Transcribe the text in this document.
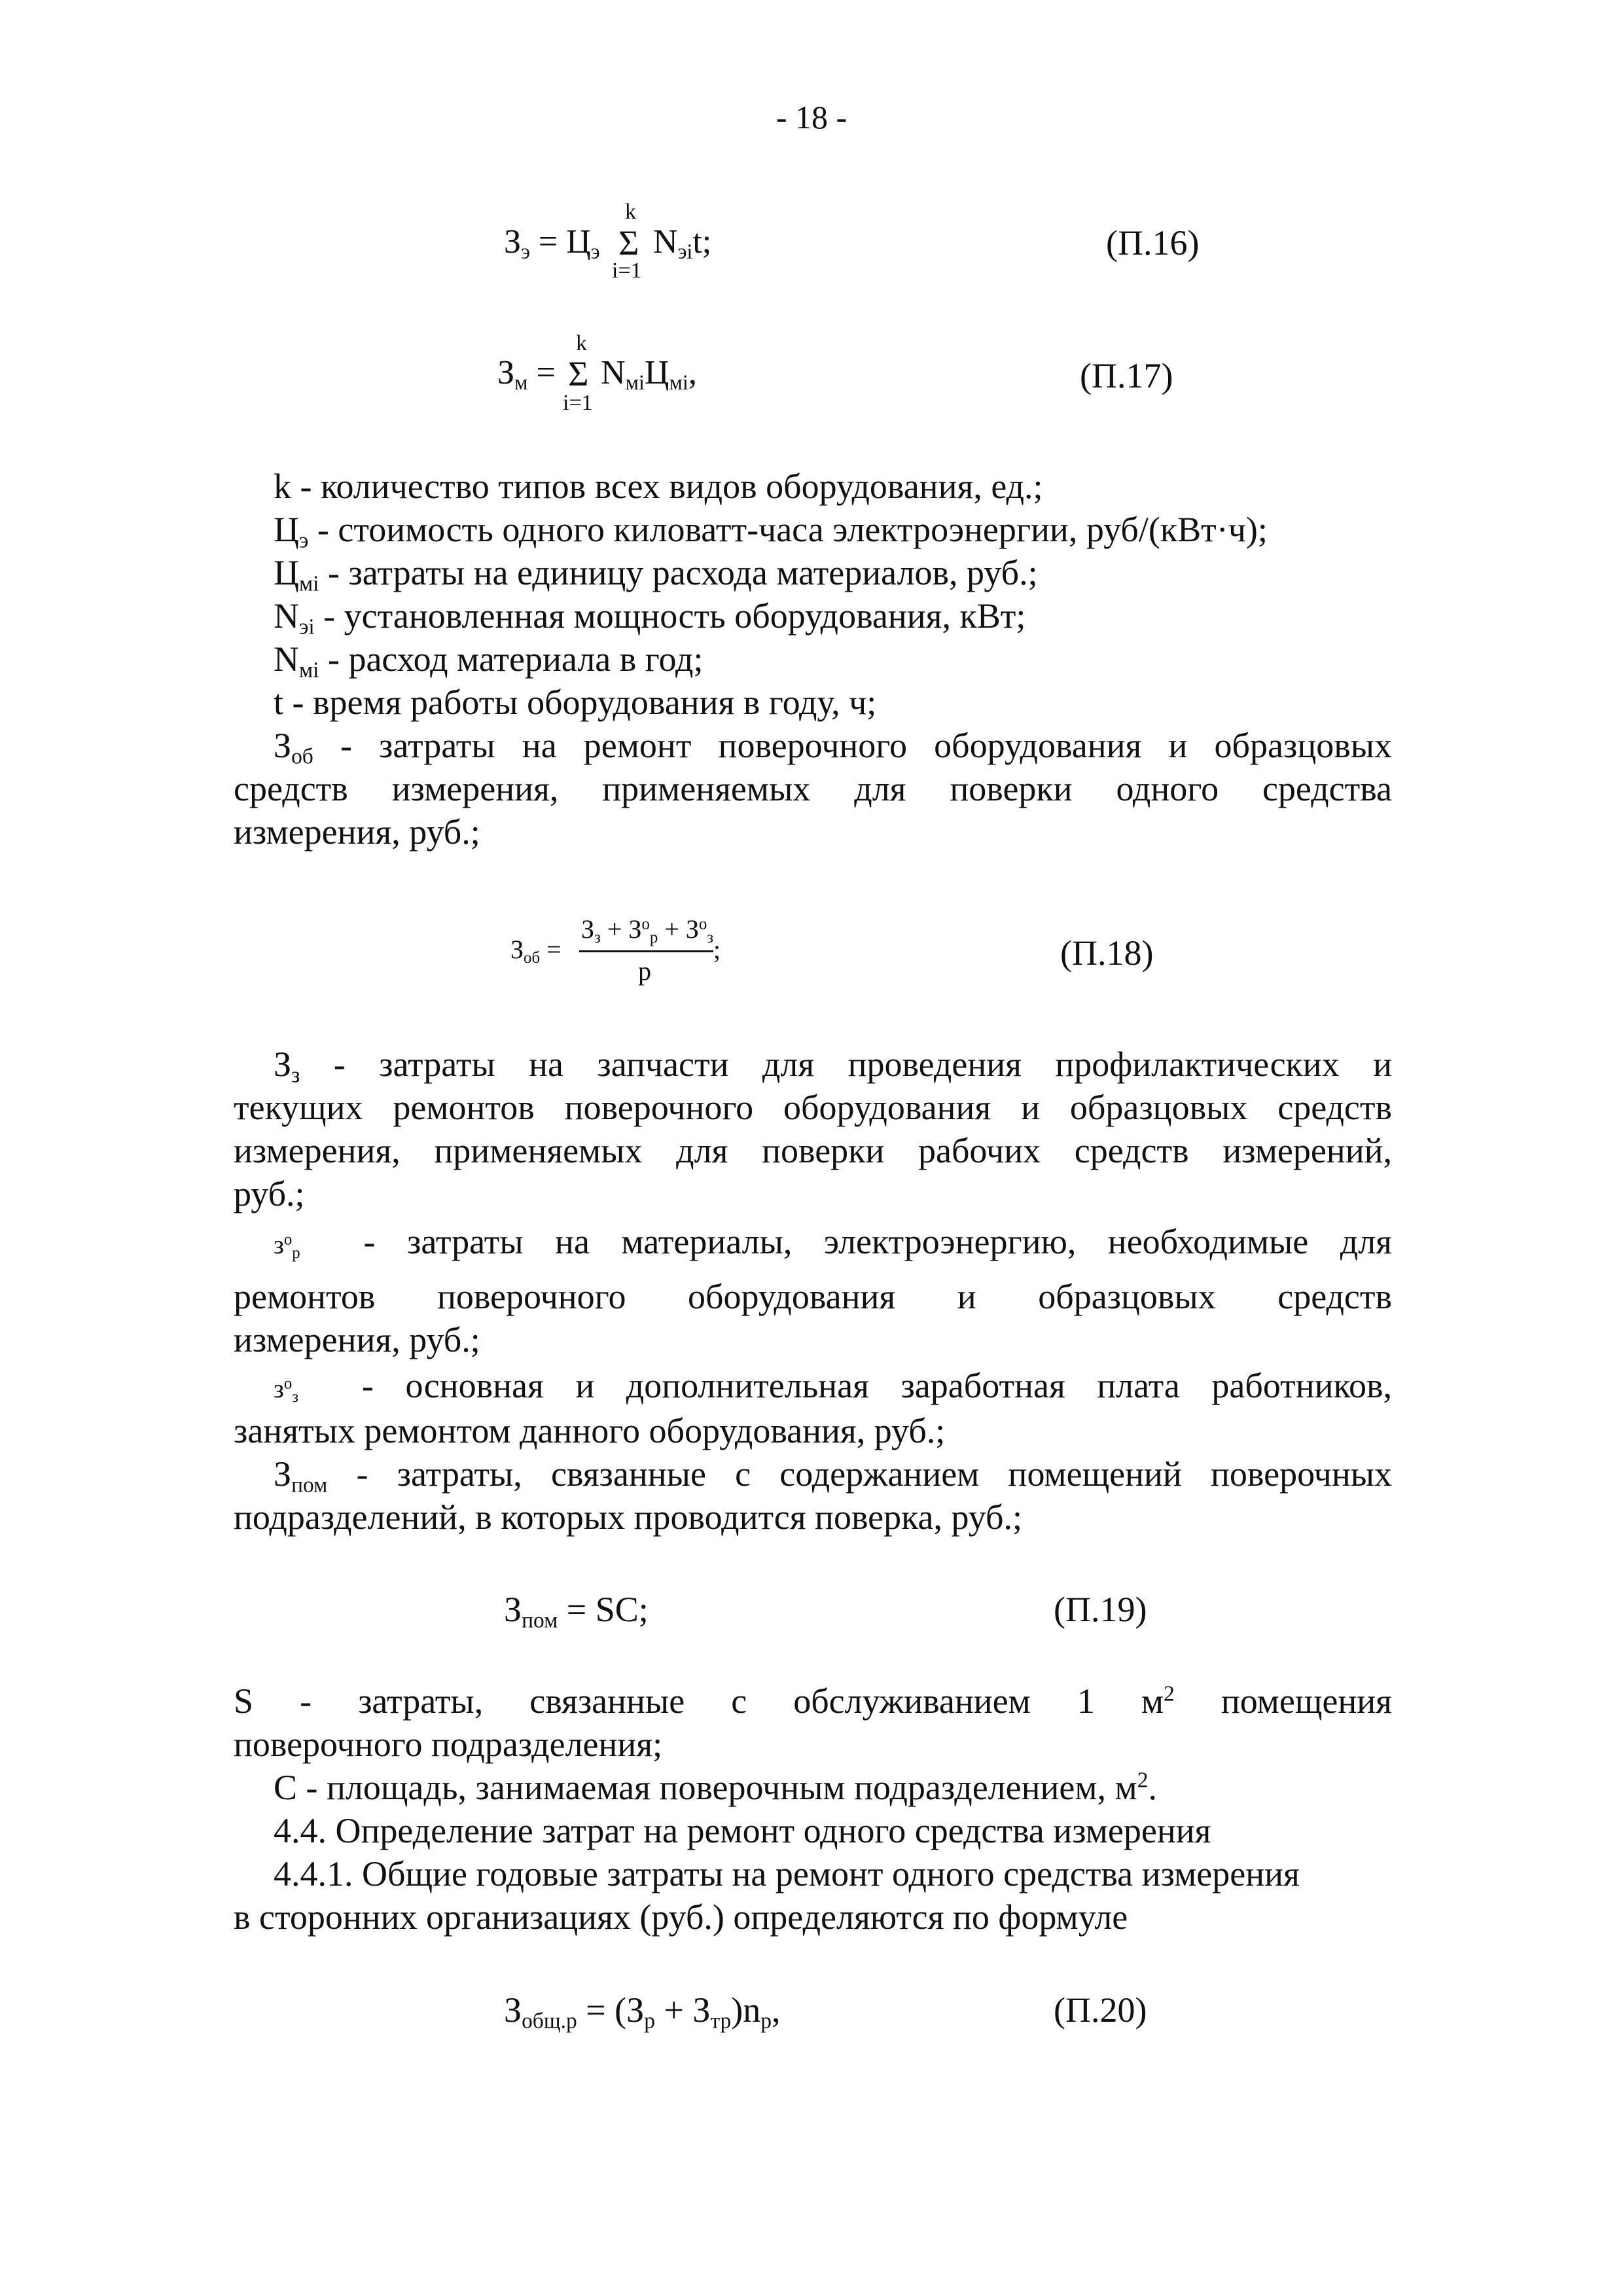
- 18 -
$З_э = Ц_э$
k
Σ
i=1
$N_{эi}t$;	(П.16)
$З_м$ =
k
Σ
i=1
$N_{мi}Ц_{мi}$,	(П.17)
k - количество типов всех видов оборудования, ед.;
$Ц_э$ - стоимость одного киловатт-часа электроэнергии, руб/(кВт·ч);
$Ц_{мi}$ - затраты на единицу расхода материалов, руб.;
$N_{эi}$ - установленная мощность оборудования, кВт;
$N_{мi}$ - расход материала в год;
t - время работы оборудования в году, ч;
$З_{об}$ - затраты на ремонт поверочного оборудования и образцовых
средств измерения, применяемых для поверки одного средства
измерения, руб.;
$З_{об}$ =
$З_з + З^о_р + З^о_з$
р
;	(П.18)
$З_з$ - затраты на запчасти для проведения профилактических и
текущих ремонтов поверочного оборудования и образцовых средств
измерения, применяемых для поверки рабочих средств измерений,
руб.;
$з^о_р$ - затраты на материалы, электроэнергию, необходимые для
ремонтов поверочного оборудования и образцовых средств
измерения, руб.;
$з^о_з$ - основная и дополнительная заработная плата работников,
занятых ремонтом данного оборудования, руб.;
$З_{пом}$ - затраты, связанные с содержанием помещений поверочных
подразделений, в которых проводится поверка, руб.;
$З_{пом}$ = SC;	(П.19)
S - затраты, связанные с обслуживанием 1 $м^2$ помещения
поверочного подразделения;
С - площадь, занимаемая поверочным подразделением, $м^2$.
4.4. Определение затрат на ремонт одного средства измерения
4.4.1. Общие годовые затраты на ремонт одного средства измерения
в сторонних организациях (руб.) определяются по формуле
$З_{общ.р} = (З_р + З_{тр})n_р$,	(П.20)
